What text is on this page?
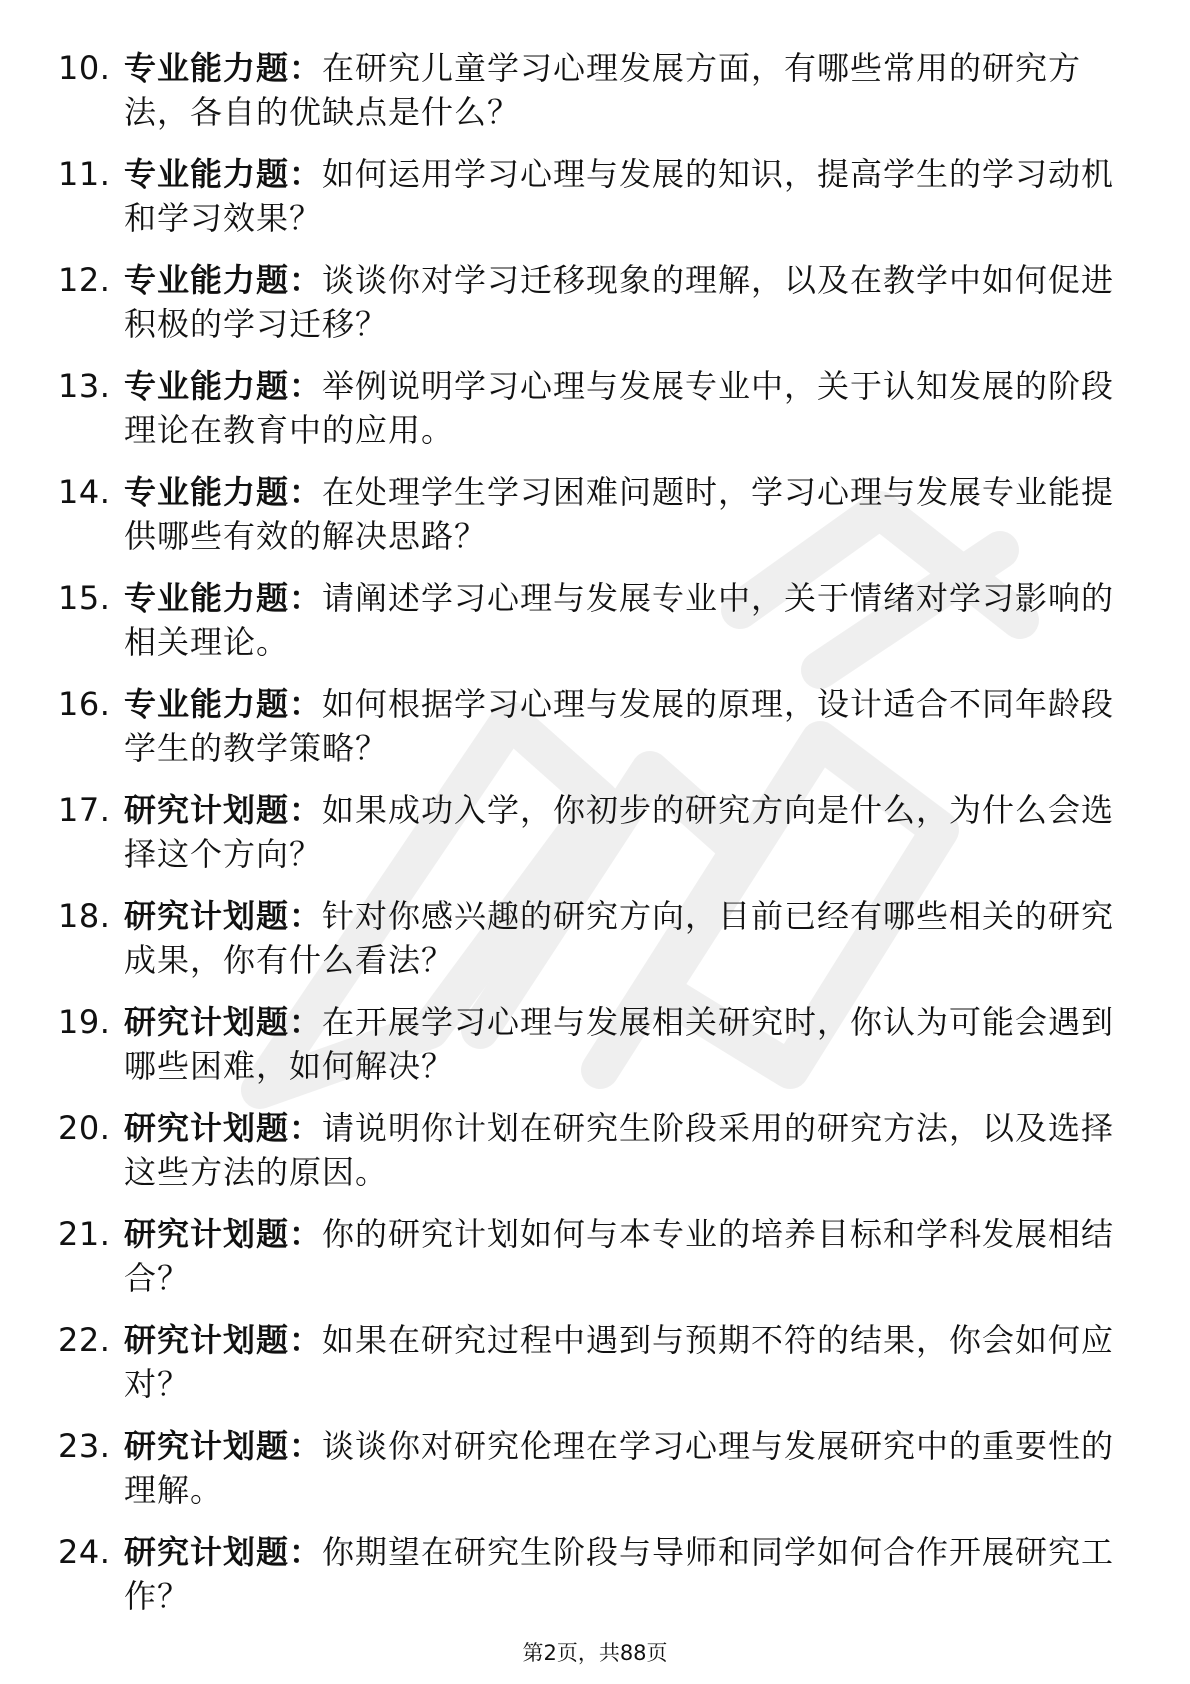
10. 专业能力题：在研究儿童学习心理发展方面，有哪些常用的研究方法，各自的优缺点是什么？
11. 专业能力题：如何运用学习心理与发展的知识，提高学生的学习动机和学习效果？
12. 专业能力题：谈谈你对学习迁移现象的理解，以及在教学中如何促进积极的学习迁移？
13. 专业能力题：举例说明学习心理与发展专业中，关于认知发展的阶段理论在教育中的应用。
14. 专业能力题：在处理学生学习困难问题时，学习心理与发展专业能提供哪些有效的解决思路？
15. 专业能力题：请阐述学习心理与发展专业中，关于情绪对学习影响的相关理论。
16. 专业能力题：如何根据学习心理与发展的原理，设计适合不同年龄段学生的教学策略？
17. 研究计划题：如果成功入学，你初步的研究方向是什么，为什么会选择这个方向？
18. 研究计划题：针对你感兴趣的研究方向，目前已经有哪些相关的研究成果，你有什么看法？
19. 研究计划题：在开展学习心理与发展相关研究时，你认为可能会遇到哪些困难，如何解决？
20. 研究计划题：请说明你计划在研究生阶段采用的研究方法，以及选择这些方法的原因。
21. 研究计划题：你的研究计划如何与本专业的培养目标和学科发展相结合？
22. 研究计划题：如果在研究过程中遇到与预期不符的结果，你会如何应对？
23. 研究计划题：谈谈你对研究伦理在学习心理与发展研究中的重要性的理解。
24. 研究计划题：你期望在研究生阶段与导师和同学如何合作开展研究工作？
第2页，共88页
